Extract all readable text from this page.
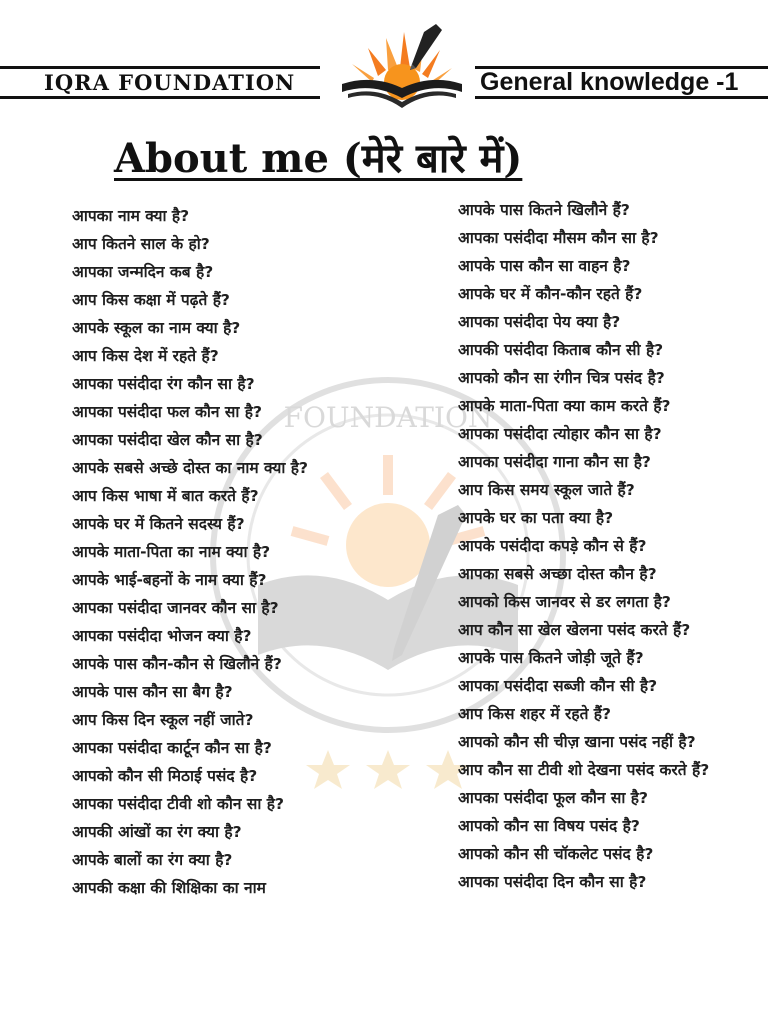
IQRA FOUNDATION	General knowledge -1
About me (मेरे बारे में)
FOUNDATION
आपका नाम क्या है?
आप कितने साल के हो?
आपका जन्मदिन कब है?
आप किस कक्षा में पढ़ते हैं?
आपके स्कूल का नाम क्या है?
आप किस देश में रहते हैं?
आपका पसंदीदा रंग कौन सा है?
आपका पसंदीदा फल कौन सा है?
आपका पसंदीदा खेल कौन सा है?
आपके सबसे अच्छे दोस्त का नाम क्या है?
आप किस भाषा में बात करते हैं?
आपके घर में कितने सदस्य हैं?
आपके माता-पिता का नाम क्या है?
आपके भाई-बहनों के नाम क्या हैं?
आपका पसंदीदा जानवर कौन सा है?
आपका पसंदीदा भोजन क्या है?
आपके पास कौन-कौन से खिलौने हैं?
आपके पास कौन सा बैग है?
आप किस दिन स्कूल नहीं जाते?
आपका पसंदीदा कार्टून कौन सा है?
आपको कौन सी मिठाई पसंद है?
आपका पसंदीदा टीवी शो कौन सा है?
आपकी आंखों का रंग क्या है?
आपके बालों का रंग क्या है?
आपकी कक्षा की शिक्षिका का नाम
आपके पास कितने खिलौने हैं?
आपका पसंदीदा मौसम कौन सा है?
आपके पास कौन सा वाहन है?
आपके घर में कौन-कौन रहते हैं?
आपका पसंदीदा पेय क्या है?
आपकी पसंदीदा किताब कौन सी है?
आपको कौन सा रंगीन चित्र पसंद है?
आपके माता-पिता क्या काम करते हैं?
आपका पसंदीदा त्योहार कौन सा है?
आपका पसंदीदा गाना कौन सा है?
आप किस समय स्कूल जाते हैं?
आपके घर का पता क्या है?
आपके पसंदीदा कपड़े कौन से हैं?
आपका सबसे अच्छा दोस्त कौन है?
आपको किस जानवर से डर लगता है?
आप कौन सा खेल खेलना पसंद करते हैं?
आपके पास कितने जोड़ी जूते हैं?
आपका पसंदीदा सब्जी कौन सी है?
आप किस शहर में रहते हैं?
आपको कौन सी चीज़ खाना पसंद नहीं है?
आप कौन सा टीवी शो देखना पसंद करते हैं?
आपका पसंदीदा फूल कौन सा है?
आपको कौन सा विषय पसंद है?
आपको कौन सी चॉकलेट पसंद है?
आपका पसंदीदा दिन कौन सा है?
